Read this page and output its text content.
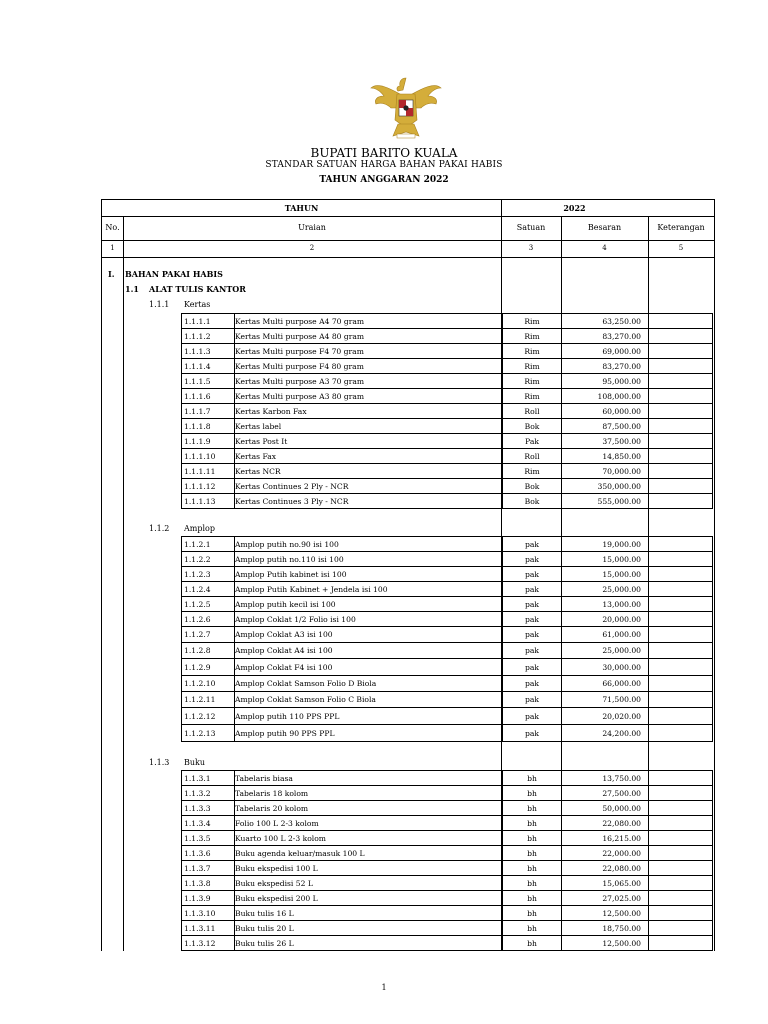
BUPATI BARITO KUALA
STANDAR SATUAN HARGA BAHAN PAKAI HABIS
TAHUN ANGGARAN 2022
TAHUN	2022
No.	Uraian	Satuan	Besaran	Keterangan
1	2	3	4	5
I. BAHAN PAKAI HABIS
1.1 ALAT TULIS KANTOR
1.1.1 Kertas
1.1.2 Amplop
1.1.3 Buku
1.1.1.1	Kertas Multi purpose A4 70 gram	Rim	63,250.00
1.1.1.2	Kertas Multi purpose A4 80 gram	Rim	83,270.00
1.1.1.3	Kertas Multi purpose F4 70 gram	Rim	69,000.00
1.1.1.4	Kertas Multi purpose F4 80 gram	Rim	83,270.00
1.1.1.5	Kertas Multi purpose A3 70 gram	Rim	95,000.00
1.1.1.6	Kertas Multi purpose A3 80 gram	Rim	108,000.00
1.1.1.7	Kertas Karbon Fax	Roll	60,000.00
1.1.1.8	Kertas label	Bok	87,500.00
1.1.1.9	Kertas Post It	Pak	37,500.00
1.1.1.10	Kertas Fax	Roll	14,850.00
1.1.1.11	Kertas NCR	Rim	70,000.00
1.1.1.12	Kertas Continues 2 Ply - NCR	Bok	350,000.00
1.1.1.13	Kertas Continues 3 Ply - NCR	Bok	555,000.00
1.1.2.1	Amplop putih no.90 isi 100	pak	19,000.00
1.1.2.2	Amplop putih no.110 isi 100	pak	15,000.00
1.1.2.3	Amplop Putih kabinet isi 100	pak	15,000.00
1.1.2.4	Amplop Putih Kabinet + Jendela isi 100	pak	25,000.00
1.1.2.5	Amplop putih kecil isi 100	pak	13,000.00
1.1.2.6	Amplop Coklat 1/2 Folio isi 100	pak	20,000.00
1.1.2.7	Amplop Coklat A3 isi 100	pak	61,000.00
1.1.2.8	Amplop Coklat A4 isi 100	pak	25,000.00
1.1.2.9	Amplop Coklat F4 isi 100	pak	30,000.00
1.1.2.10	Amplop Coklat Samson Folio D Biola	pak	66,000.00
1.1.2.11	Amplop Coklat Samson Folio C Biola	pak	71,500.00
1.1.2.12	Amplop putih 110 PPS PPL	pak	20,020.00
1.1.2.13	Amplop putih 90 PPS PPL	pak	24,200.00
1.1.3.1	Tabelaris biasa	bh	13,750.00
1.1.3.2	Tabelaris 18 kolom	bh	27,500.00
1.1.3.3	Tabelaris 20 kolom	bh	50,000.00
1.1.3.4	Folio 100 L 2-3 kolom	bh	22,080.00
1.1.3.5	Kuarto 100 L 2-3 kolom	bh	16,215.00
1.1.3.6	Buku agenda keluar/masuk 100 L	bh	22,000.00
1.1.3.7	Buku ekspedisi 100 L	bh	22,080.00
1.1.3.8	Buku ekspedisi 52 L	bh	15,065.00
1.1.3.9	Buku ekspedisi 200 L	bh	27,025.00
1.1.3.10	Buku tulis 16 L	bh	12,500.00
1.1.3.11	Buku tulis 20 L	bh	18,750.00
1.1.3.12	Buku tulis 26 L	bh	12,500.00
1
